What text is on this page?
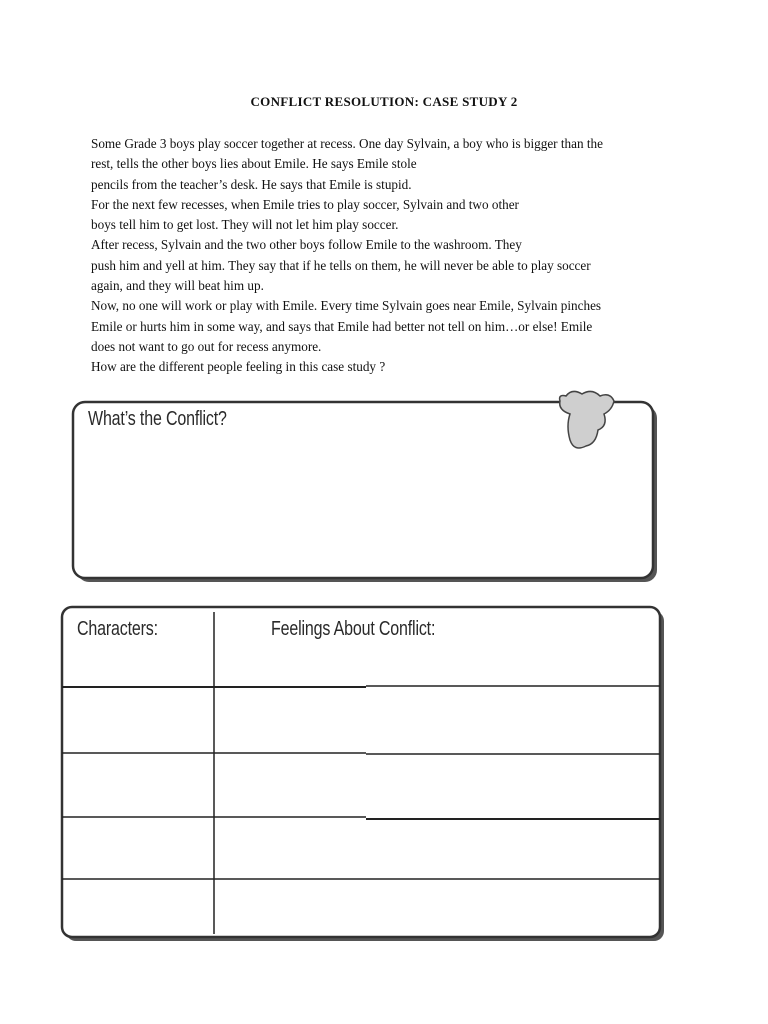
CONFLICT RESOLUTION: CASE STUDY 2
Some Grade 3 boys play soccer together at recess. One day Sylvain, a boy who is bigger than the
rest, tells the other boys lies about Emile. He says Emile stole
pencils from the teacher’s desk. He says that Emile is stupid.
For the next few recesses, when Emile tries to play soccer, Sylvain and two other
boys tell him to get lost. They will not let him play soccer.
After recess, Sylvain and the two other boys follow Emile to the washroom. They
push him and yell at him. They say that if he tells on them, he will never be able to play soccer
again, and they will beat him up.
Now, no one will work or play with Emile. Every time Sylvain goes near Emile, Sylvain pinches
Emile or hurts him in some way, and says that Emile had better not tell on him…or else! Emile
does not want to go out for recess anymore.
How are the different people feeling in this case study ?
What’s the Conflict?
Characters:	Feelings About Conflict:
